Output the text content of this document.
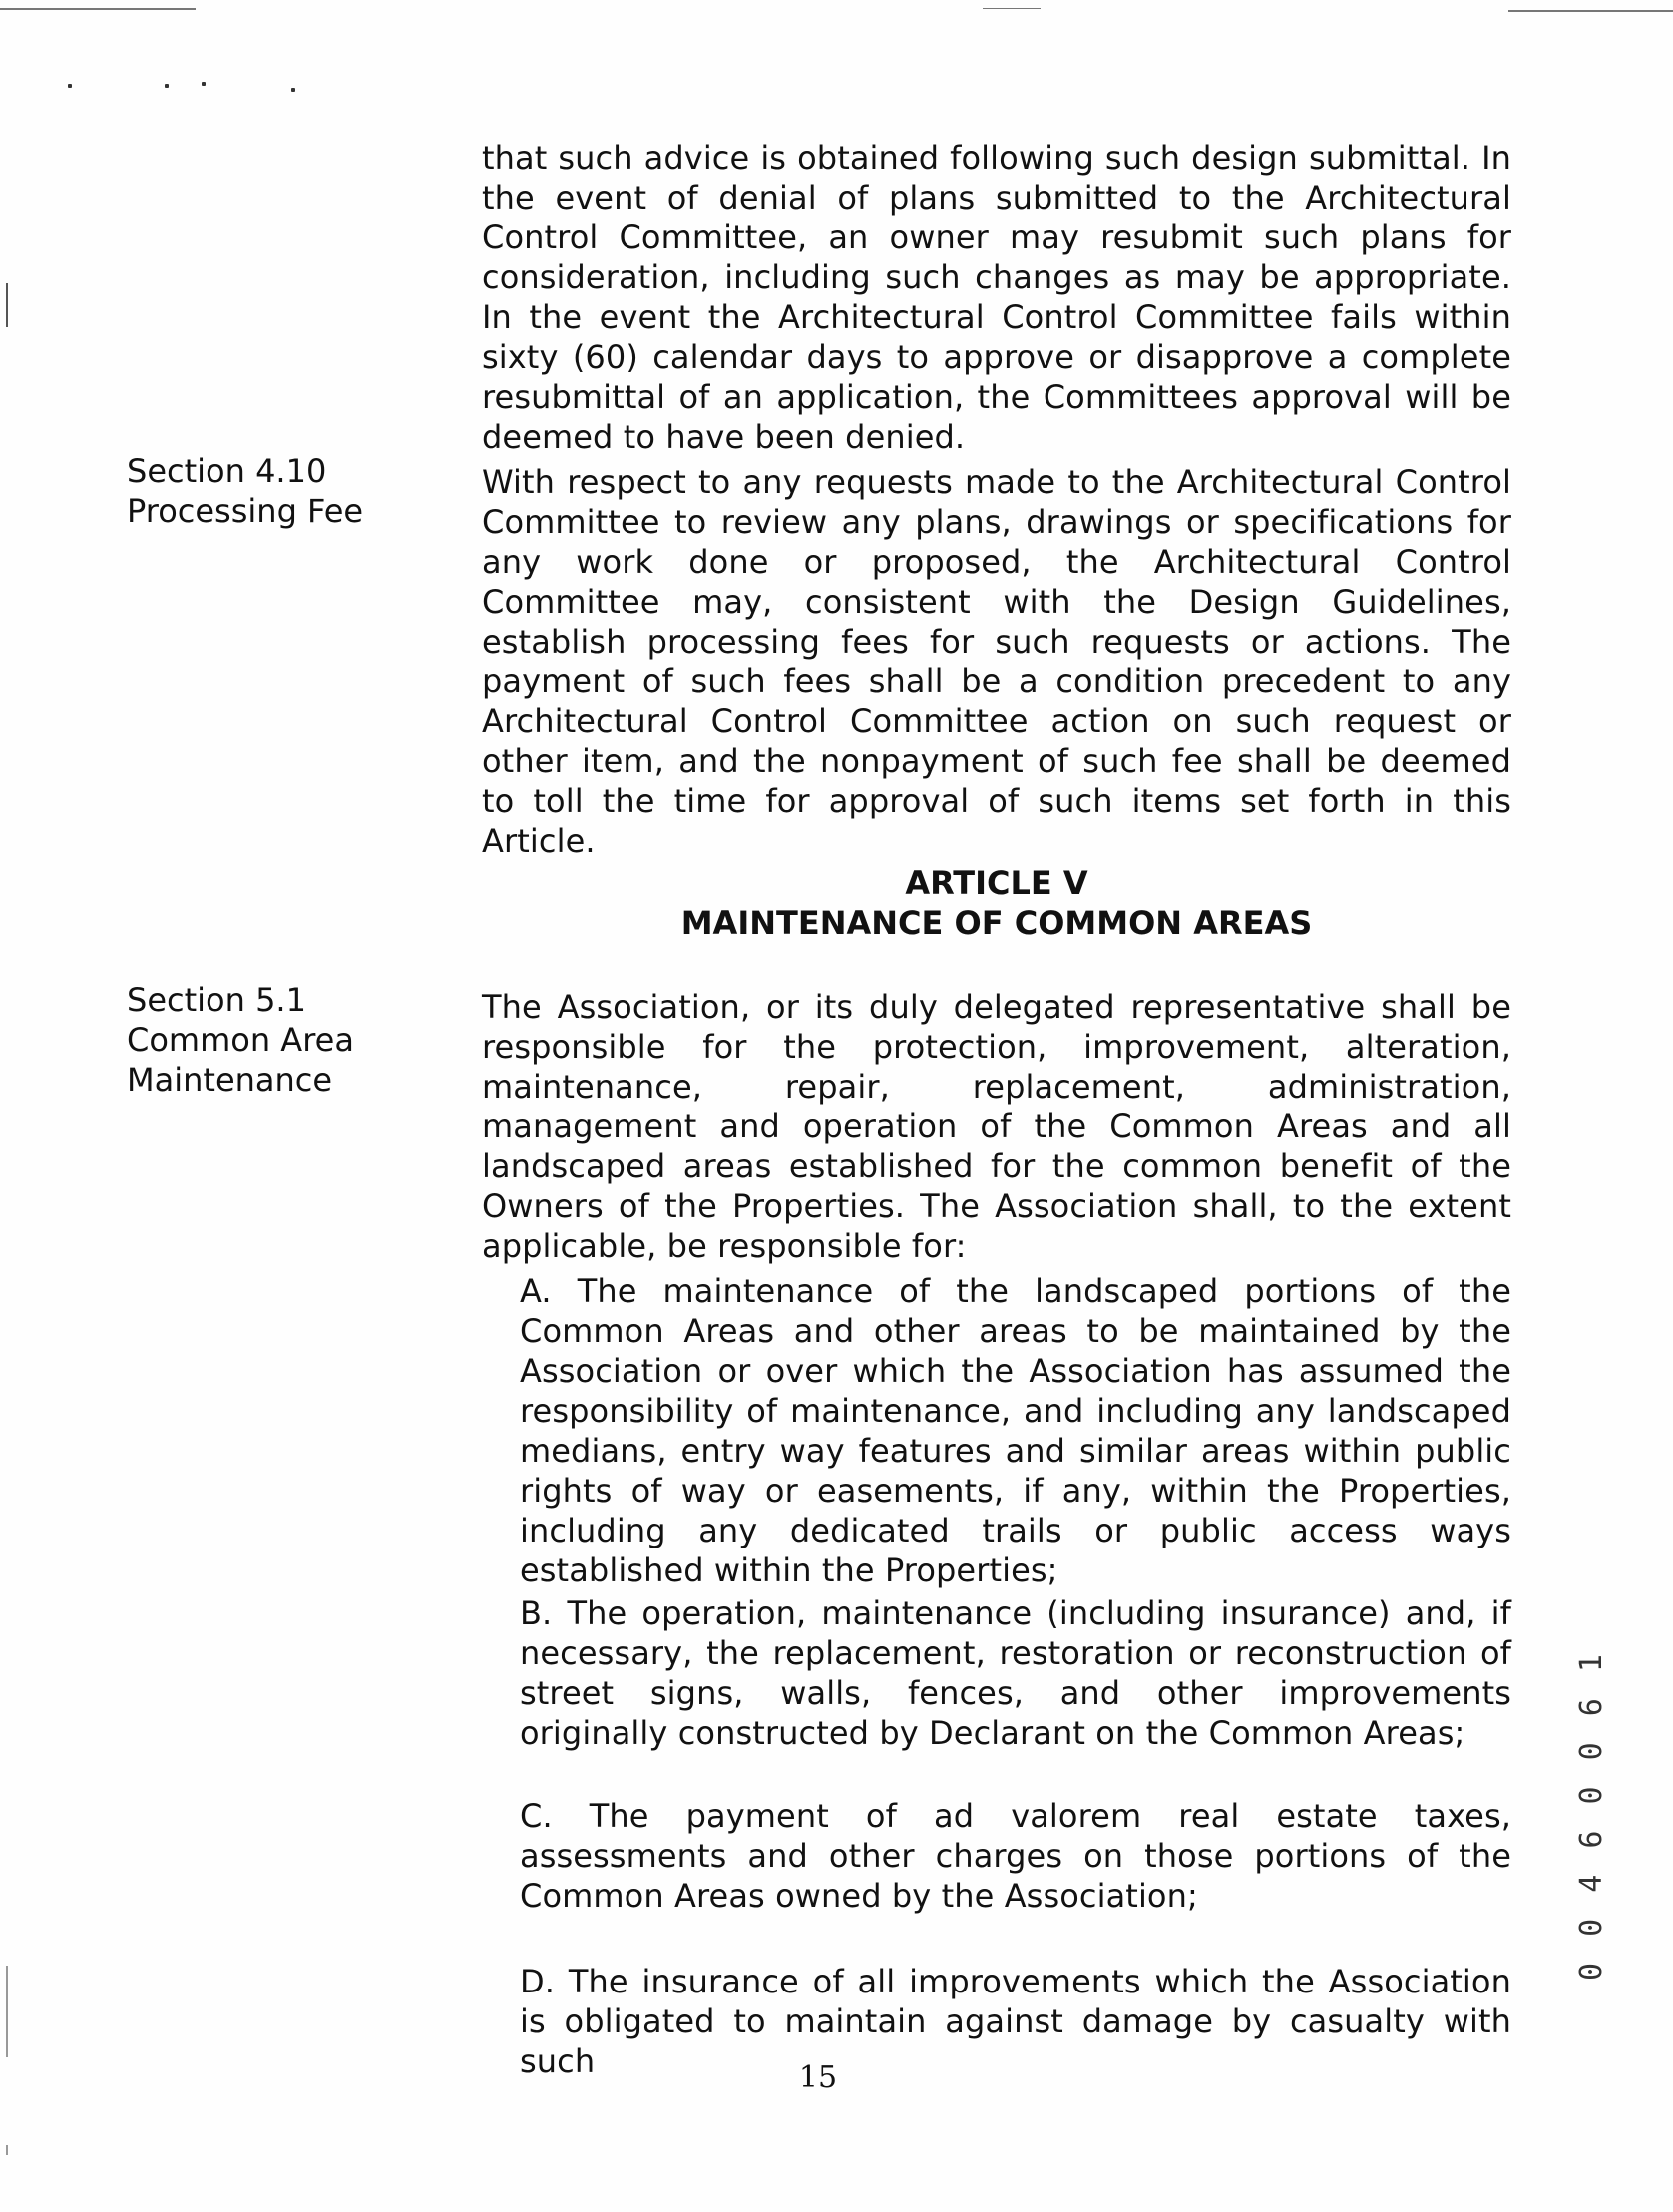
that such advice is obtained following such design submittal. In the event of denial of plans submitted to the Architectural Control Committee, an owner may resubmit such plans for consideration, including such changes as may be appropriate. In the event the Architectural Control Committee fails within sixty (60) calendar days to approve or disapprove a complete resubmittal of an application, the Committees approval will be deemed to have been denied.

Section 4.10
Processing Fee

With respect to any requests made to the Architectural Control Committee to review any plans, drawings or specifications for any work done or proposed, the Architectural Control Committee may, consistent with the Design Guidelines, establish processing fees for such requests or actions. The payment of such fees shall be a condition precedent to any Architectural Control Committee action on such request or other item, and the nonpayment of such fee shall be deemed to toll the time for approval of such items set forth in this Article.

ARTICLE V
MAINTENANCE OF COMMON AREAS
Section 5.1
Common Area
Maintenance

The Association, or its duly delegated representative shall be responsible for the protection, improvement, alteration, maintenance, repair, replacement, administration, management and operation of the Common Areas and all landscaped areas established for the common benefit of the Owners of the Properties. The Association shall, to the extent applicable, be responsible for:

A. The maintenance of the landscaped portions of the Common Areas and other areas to be maintained by the Association or over which the Association has assumed the responsibility of maintenance, and including any landscaped medians, entry way features and similar areas within public rights of way or easements, if any, within the Properties, including any dedicated trails or public access ways established within the Properties;

B. The operation, maintenance (including insurance) and, if necessary, the replacement, restoration or reconstruction of street signs, walls, fences, and other improvements originally constructed by Declarant on the Common Areas;

C. The payment of ad valorem real estate taxes, assessments and other charges on those portions of the Common Areas owned by the Association;

D. The insurance of all improvements which the Association is obligated to maintain against damage by casualty with such	15
0 0 4 6 0 0 6 1
